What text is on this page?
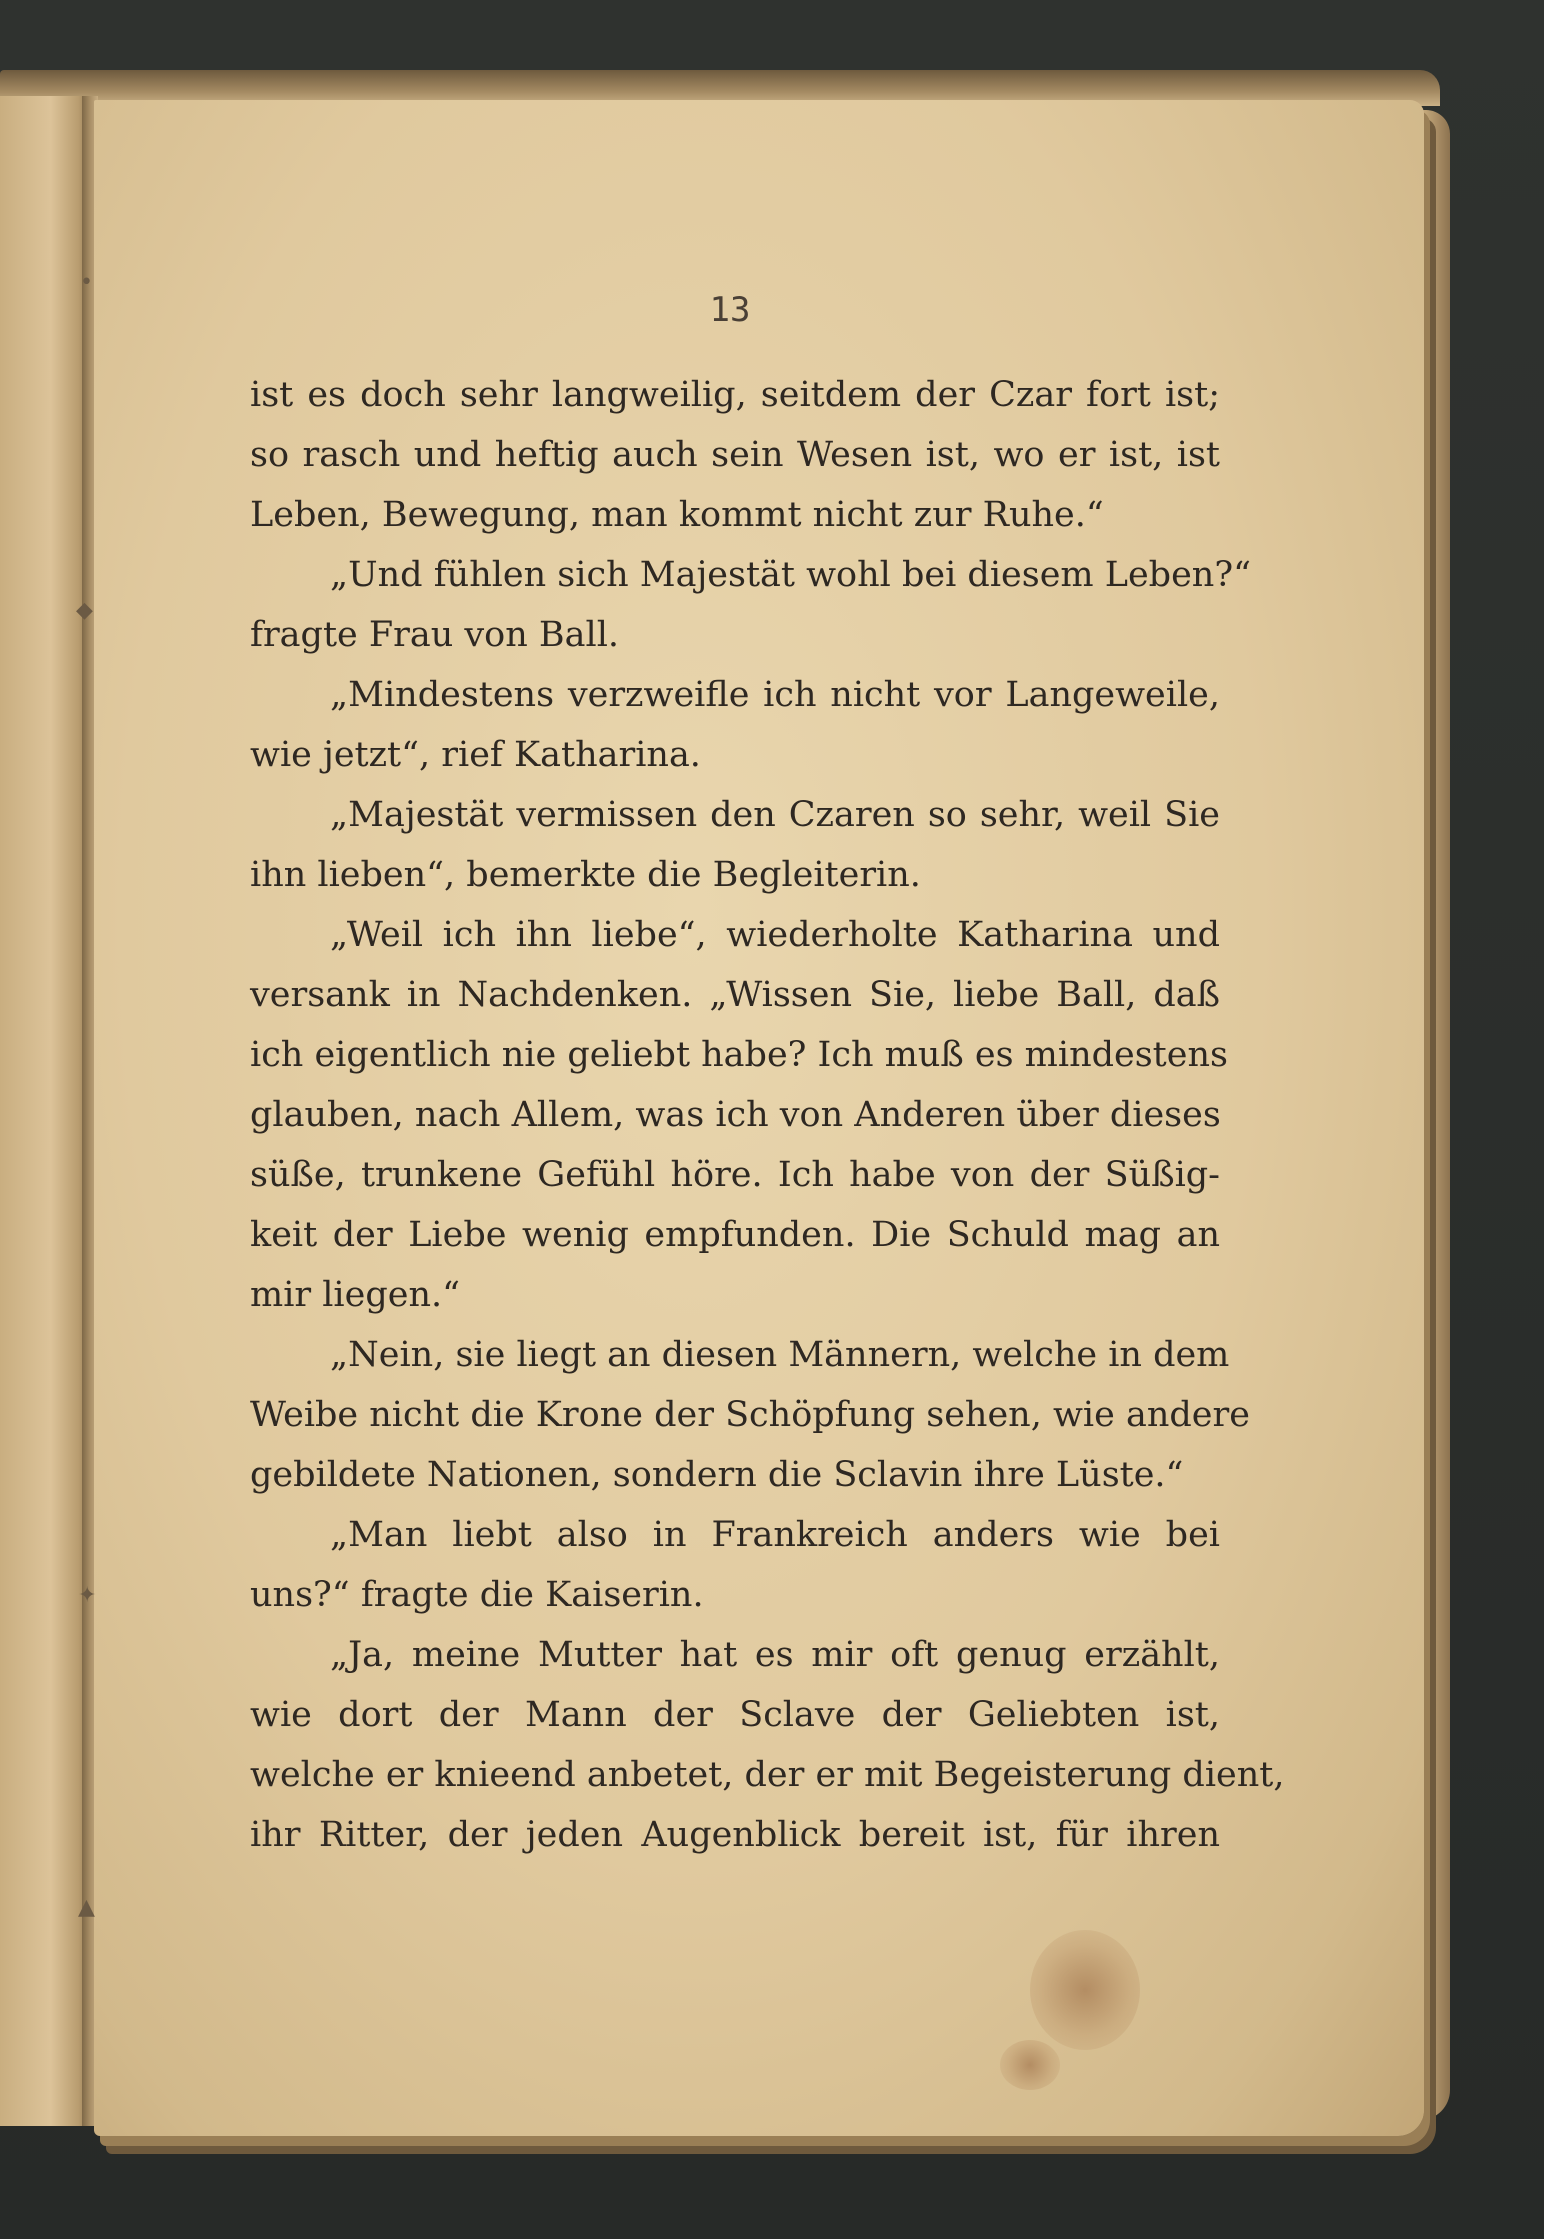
•
◆
✦
▲
13
ist es doch sehr langweilig, seitdem der Czar fort ist;
so rasch und heftig auch sein Wesen ist, wo er ist, ist
Leben, Bewegung, man kommt nicht zur Ruhe.“
„Und fühlen sich Majestät wohl bei diesem Leben?“
fragte Frau von Ball.
„Mindestens verzweifle ich nicht vor Langeweile,
wie jetzt“, rief Katharina.
„Majestät vermissen den Czaren so sehr, weil Sie
ihn lieben“, bemerkte die Begleiterin.
„Weil ich ihn liebe“, wiederholte Katharina und
versank in Nachdenken. „Wissen Sie, liebe Ball, daß
ich eigentlich nie geliebt habe? Ich muß es mindestens
glauben, nach Allem, was ich von Anderen über dieses
süße, trunkene Gefühl höre. Ich habe von der Süßig-
keit der Liebe wenig empfunden. Die Schuld mag an
mir liegen.“
„Nein, sie liegt an diesen Männern, welche in dem
Weibe nicht die Krone der Schöpfung sehen, wie andere
gebildete Nationen, sondern die Sclavin ihre Lüste.“
„Man liebt also in Frankreich anders wie bei
uns?“ fragte die Kaiserin.
„Ja, meine Mutter hat es mir oft genug erzählt,
wie dort der Mann der Sclave der Geliebten ist,
welche er knieend anbetet, der er mit Begeisterung dient,
ihr Ritter, der jeden Augenblick bereit ist, für ihren
